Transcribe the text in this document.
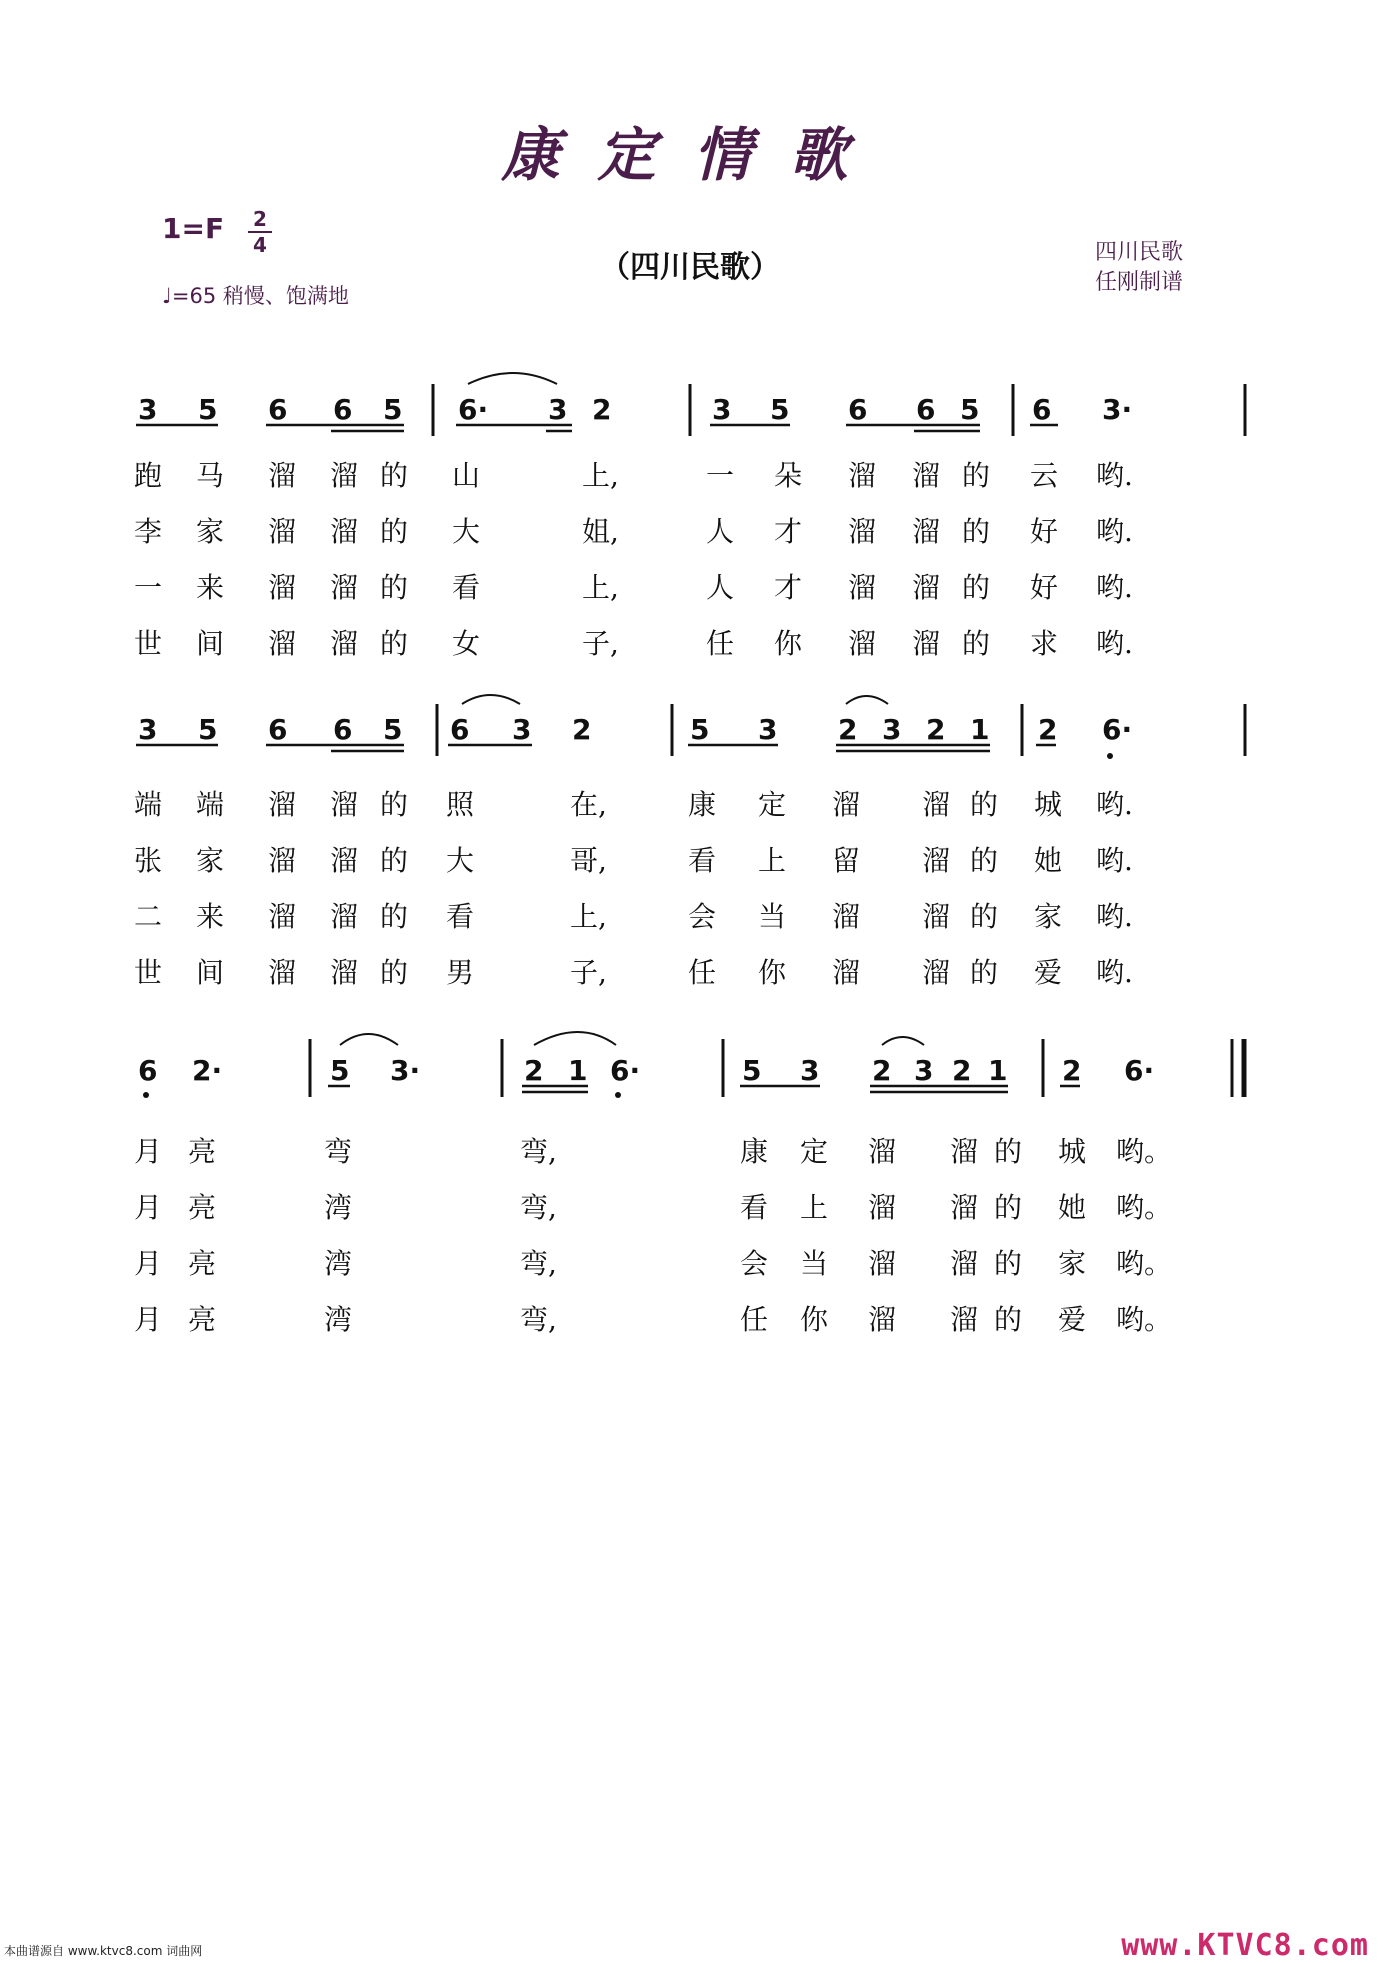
康定情歌
1=F 2
4
♩=65 稍慢、饱满地
（四川民歌）	四川民歌
任刚制谱
3 5 6 6 5 6· 3 2	3 5 6 6 5 6 3·
跑 马 溜 溜 的 山	上,	一 朵 溜 溜 的 云 哟.
李 家 溜 溜 的 大	姐,	人 才 溜 溜 的 好 哟.
一 来 溜 溜 的 看	上,	人 才 溜 溜 的 好 哟.
世 间 溜 溜 的 女	子,	任 你 溜 溜 的 求 哟.
3 5 6 6 5 6 3 2	5 3 2 3 2 1 2 6·
端 端 溜 溜 的 照	在,	康 定 溜 溜 的 城 哟.
张 家 溜 溜 的 大	哥,	看 上 留 溜 的 她 哟.
二 来 溜 溜 的 看	上,	会 当 溜 溜 的 家 哟.
世 间 溜 溜 的 男	子,	任 你 溜 溜 的 爱 哟.
6 2·	5 3·	2 1 6·	5 3 2 3 2 1 2 6·
月 亮	弯	弯,	康 定 溜 溜 的 城 哟。
月 亮	湾	弯,	看 上 溜 溜 的 她 哟。
月 亮	湾	弯,	会 当 溜 溜 的 家 哟。
月 亮	湾	弯,	任 你 溜 溜 的 爱 哟。
本曲谱源自 www.ktvc8.com 词曲网	www.KTVC8.com
